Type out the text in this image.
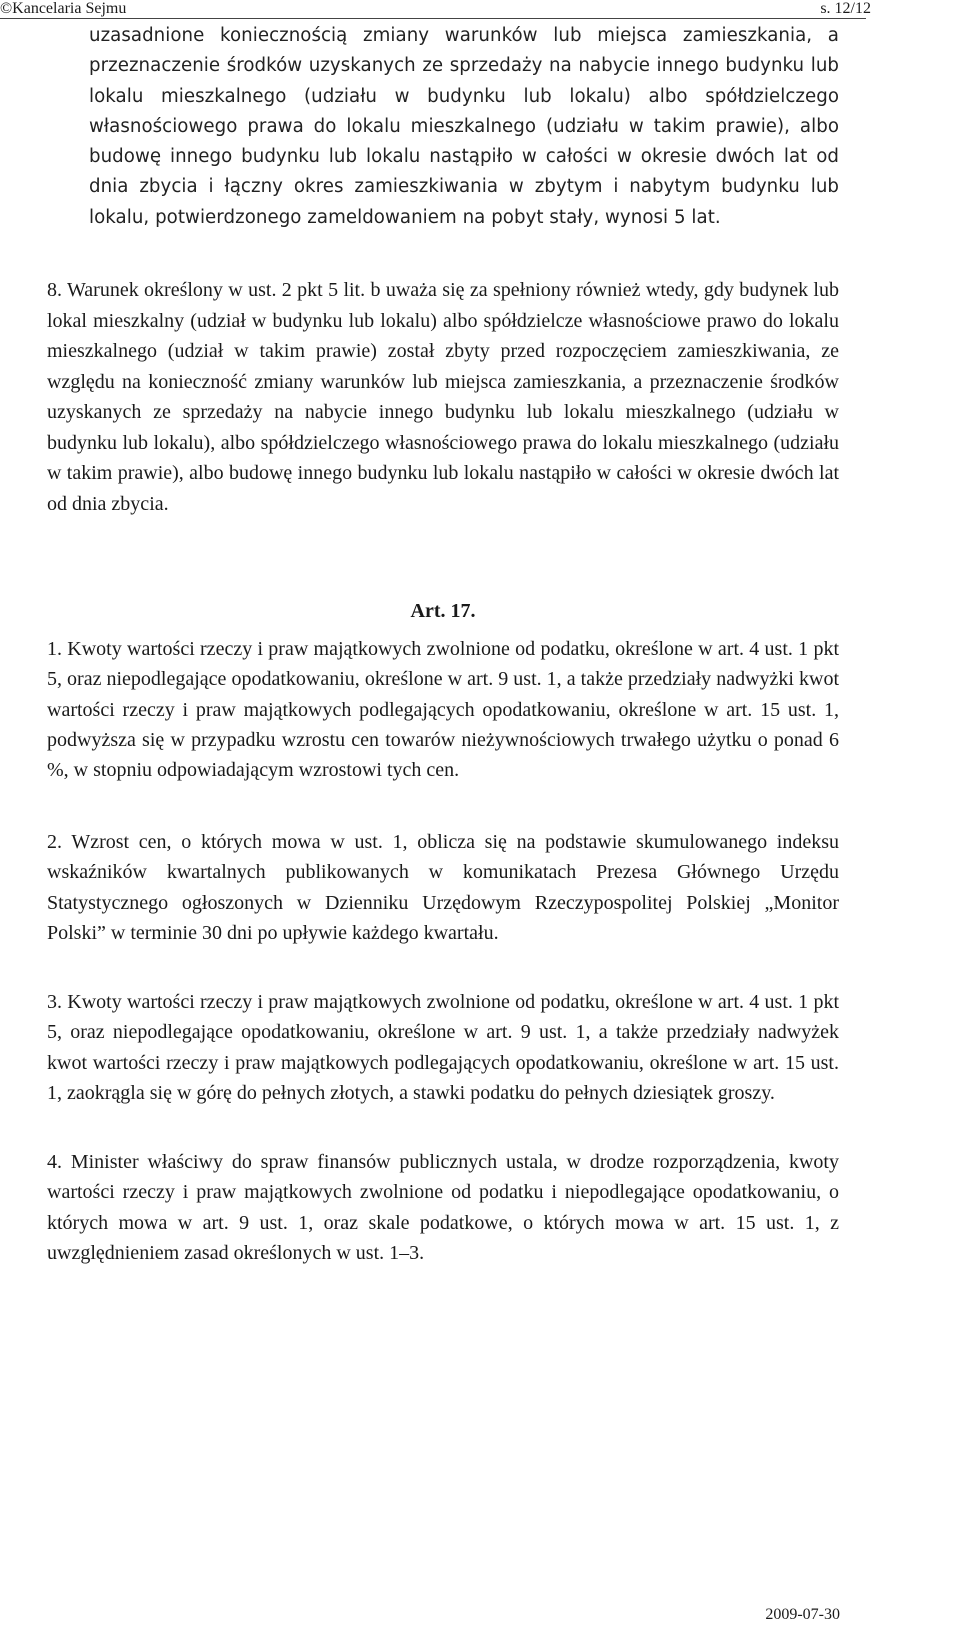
©Kancelaria Sejmu	s. 12/12

uzasadnione koniecznością zmiany warunków lub miejsca zamieszkania, a przeznaczenie środków uzyskanych ze sprzedaży na nabycie innego budynku lub lokalu mieszkalnego (udziału w budynku lub lokalu) albo spółdzielczego własnościowego prawa do lokalu mieszkalnego (udziału w takim prawie), albo budowę innego budynku lub lokalu nastąpiło w całości w okresie dwóch lat od dnia zbycia i łączny okres zamieszkiwania w zbytym i nabytym budynku lub lokalu, potwierdzonego zameldowaniem na pobyt stały, wynosi 5 lat.

8. Warunek określony w ust. 2 pkt 5 lit. b uważa się za spełniony również wtedy, gdy budynek lub lokal mieszkalny (udział w budynku lub lokalu) albo spółdzielcze własnościowe prawo do lokalu mieszkalnego (udział w takim prawie) został zbyty przed rozpoczęciem zamieszkiwania, ze względu na konieczność zmiany warunków lub miejsca zamieszkania, a przeznaczenie środków uzyskanych ze sprzedaży na nabycie innego budynku lub lokalu mieszkalnego (udziału w budynku lub lokalu), albo spółdzielczego własnościowego prawa do lokalu mieszkalnego (udziału w takim prawie), albo budowę innego budynku lub lokalu nastąpiło w całości w okresie dwóch lat od dnia zbycia.

Art. 17.

1. Kwoty wartości rzeczy i praw majątkowych zwolnione od podatku, określone w art. 4 ust. 1 pkt 5, oraz niepodlegające opodatkowaniu, określone w art. 9 ust. 1, a także przedziały nadwyżki kwot wartości rzeczy i praw majątkowych podlegających opodatkowaniu, określone w art. 15 ust. 1, podwyższa się w przypadku wzrostu cen towarów nieżywnościowych trwałego użytku o ponad 6 %, w stopniu odpowiadającym wzrostowi tych cen.

2. Wzrost cen, o których mowa w ust. 1, oblicza się na podstawie skumulowanego indeksu wskaźników kwartalnych publikowanych w komunikatach Prezesa Głównego Urzędu Statystycznego ogłoszonych w Dzienniku Urzędowym Rzeczypospolitej Polskiej „Monitor Polski” w terminie 30 dni po upływie każdego kwartału.

3. Kwoty wartości rzeczy i praw majątkowych zwolnione od podatku, określone w art. 4 ust. 1 pkt 5, oraz niepodlegające opodatkowaniu, określone w art. 9 ust. 1, a także przedziały nadwyżek kwot wartości rzeczy i praw majątkowych podlegających opodatkowaniu, określone w art. 15 ust. 1, zaokrągla się w górę do pełnych złotych, a stawki podatku do pełnych dziesiątek groszy.

4. Minister właściwy do spraw finansów publicznych ustala, w drodze rozporządzenia, kwoty wartości rzeczy i praw majątkowych zwolnione od podatku i niepodlegające opodatkowaniu, o których mowa w art. 9 ust. 1, oraz skale podatkowe, o których mowa w art. 15 ust. 1, z uwzględnieniem zasad określonych w ust. 1–3.

2009-07-30
